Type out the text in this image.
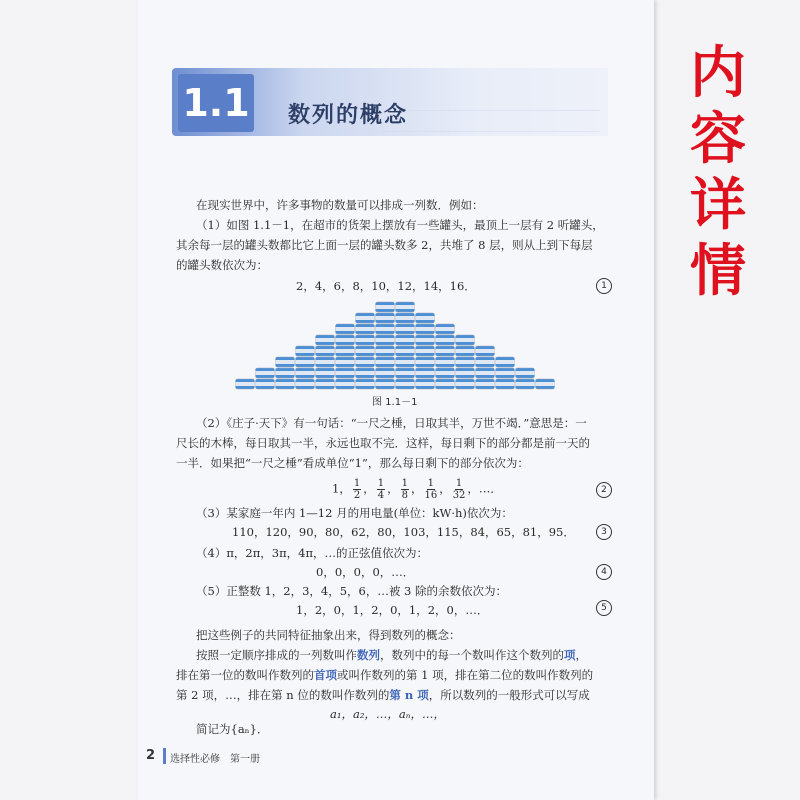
1.1 数列的概念
内
容
详
情
在现实世界中，许多事物的数量可以排成一列数．例如：
（1）如图 1.1－1，在超市的货架上摆放有一些罐头，最顶上一层有 2 听罐头，
其余每一层的罐头数都比它上面一层的罐头数多 2，共堆了 8 层，则从上到下每层
的罐头数依次为：
2，4，6，8，10，12，14，16．	1
图 1.1－1
（2）《庄子·天下》有一句话：“一尺之棰，日取其半，万世不竭．”意思是：一
尺长的木棒，每日取其一半，永远也取不完．这样，每日剩下的部分都是前一天的
一半．如果把“一尺之棰”看成单位“1”，那么每日剩下的部分依次为：
1， $\frac{1}{2}$ ， $\frac{1}{4}$ ， $\frac{1}{8}$ ， $\frac{1}{16}$ ， $\frac{1}{32}$ ，…．	2
（3）某家庭一年内 1—12 月的用电量(单位：kW·h)依次为：
110，120，90，80，62，80，103，115，84，65，81，95．	3
（4）π，2π，3π，4π，…的正弦值依次为：
0，0，0，0，…．	4
（5）正整数 1，2，3，4，5，6，…被 3 除的余数依次为：
1，2，0，1，2，0，1，2，0，…．	5
把这些例子的共同特征抽象出来，得到数列的概念：
按照一定顺序排成的一列数叫作数列，数列中的每一个数叫作这个数列的项，
排在第一位的数叫作数列的首项或叫作数列的第 1 项，排在第二位的数叫作数列的
第 2 项，…，排在第 n 位的数叫作数列的第 n 项，所以数列的一般形式可以写成
a₁，a₂，…，aₙ，…，
简记为{aₙ}．
2 选择性必修　第一册
